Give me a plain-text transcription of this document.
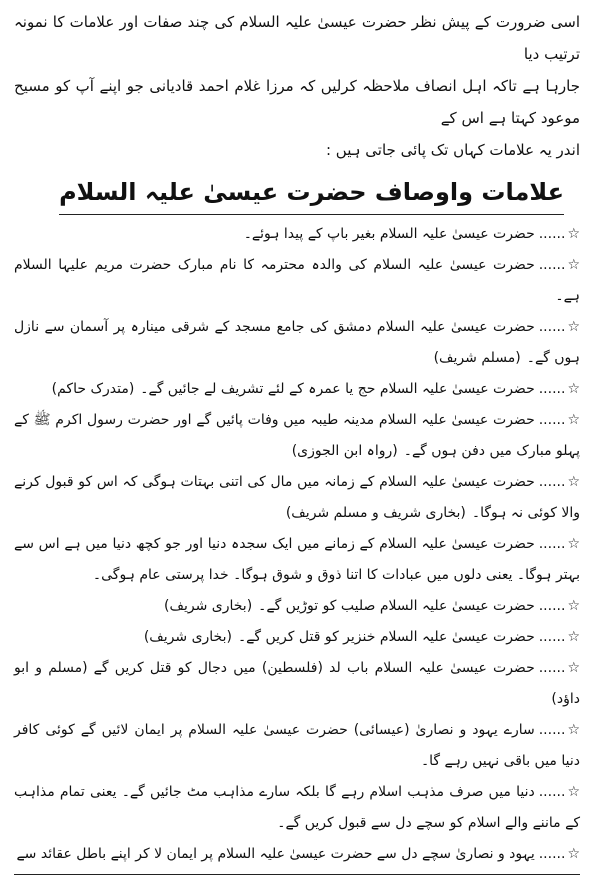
اسی ضرورت کے پیش نظر حضرت عیسیٰ علیہ السلام کی چند صفات اور علامات کا نمونہ ترتیب دیا

جارہا ہے تاکہ اہل انصاف ملاحظہ کرلیں کہ مرزا غلام احمد قادیانی جو اپنے آپ کو مسیح موعود کہتا ہے اس کے

اندر یہ علامات کہاں تک پائی جاتی ہیں :

علامات واوصاف حضرت عیسیٰ علیہ السلام
☆......حضرت عیسیٰ علیہ السلام بغیر باپ کے پیدا ہوئے۔
☆......حضرت عیسیٰ علیہ السلام کی والدہ محترمہ کا نام مبارک حضرت مریم علیہا السلام ہے۔
☆......حضرت عیسیٰ علیہ السلام دمشق کی جامع مسجد کے شرقی مینارہ پر آسمان سے نازل ہوں گے۔(مسلم شریف)
☆......حضرت عیسیٰ علیہ السلام حج یا عمرہ کے لئے تشریف لے جائیں گے۔(متدرک حاکم)
☆......حضرت عیسیٰ علیہ السلام مدینہ طیبہ میں وفات پائیں گے اور حضرت رسول اکرم ﷺ کے پہلو مبارک میں دفن ہوں گے۔(رواہ ابن الجوزی)
☆......حضرت عیسیٰ علیہ السلام کے زمانہ میں مال کی اتنی بہتات ہوگی کہ اس کو قبول کرنے والا کوئی نہ ہوگا۔(بخاری شریف و مسلم شریف)
☆......حضرت عیسیٰ علیہ السلام کے زمانے میں ایک سجدہ دنیا اور جو کچھ دنیا میں ہے اس سے بہتر ہوگا۔ یعنی دلوں میں عبادات کا اتنا ذوق و شوق ہوگا۔ خدا پرستی عام ہوگی۔
☆......حضرت عیسیٰ علیہ السلام صلیب کو توڑیں گے۔(بخاری شریف)
☆......حضرت عیسیٰ علیہ السلام خنزیر کو قتل کریں گے۔(بخاری شریف)
☆......حضرت عیسیٰ علیہ السلام باب لد (فلسطین) میں دجال کو قتل کریں گے(مسلم و ابو داؤد)
☆......سارے یہود و نصاریٰ (عیسائی) حضرت عیسیٰ علیہ السلام پر ایمان لائیں گے کوئی کافر دنیا میں باقی نہیں رہے گا۔
☆......دنیا میں صرف مذہب اسلام رہے گا بلکہ سارے مذاہب مٹ جائیں گے۔ یعنی تمام مذاہب کے ماننے والے اسلام کو سچے دل سے قبول کریں گے۔
☆......یہود و نصاریٰ سچے دل سے حضرت عیسیٰ علیہ السلام پر ایمان لا کر اپنے باطل عقائد سے
